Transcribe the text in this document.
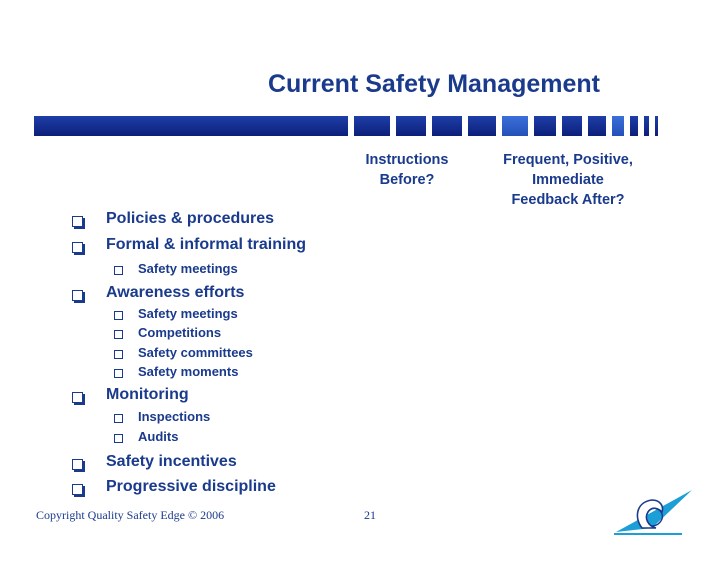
Current Safety Management
Instructions
Before?
Frequent, Positive,
Immediate
Feedback After?
Policies & procedures
Formal & informal training
Safety meetings
Awareness efforts
Safety meetings
Competitions
Safety committees
Safety moments
Monitoring
Inspections
Audits
Safety incentives
Progressive discipline
Copyright Quality Safety Edge © 2006	21
